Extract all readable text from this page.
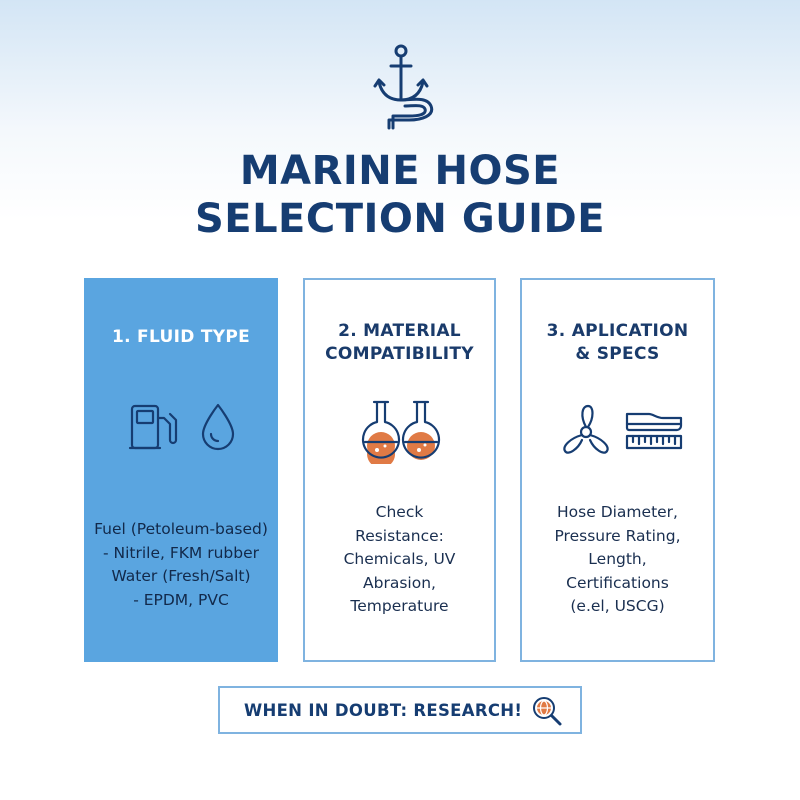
MARINE HOSE
SELECTION GUIDE
1. FLUID TYPE
Fuel (Petoleum-based)
- Nitrile, FKM rubber
Water (Fresh/Salt)
- EPDM, PVC
2. MATERIAL
COMPATIBILITY
Check
Resistance:
Chemicals, UV
Abrasion,
Temperature
3. APLICATION
& SPECS
Hose Diameter,
Pressure Rating,
Length,
Certifications
(e.el, USCG)
WHEN IN DOUBT: RESEARCH!
